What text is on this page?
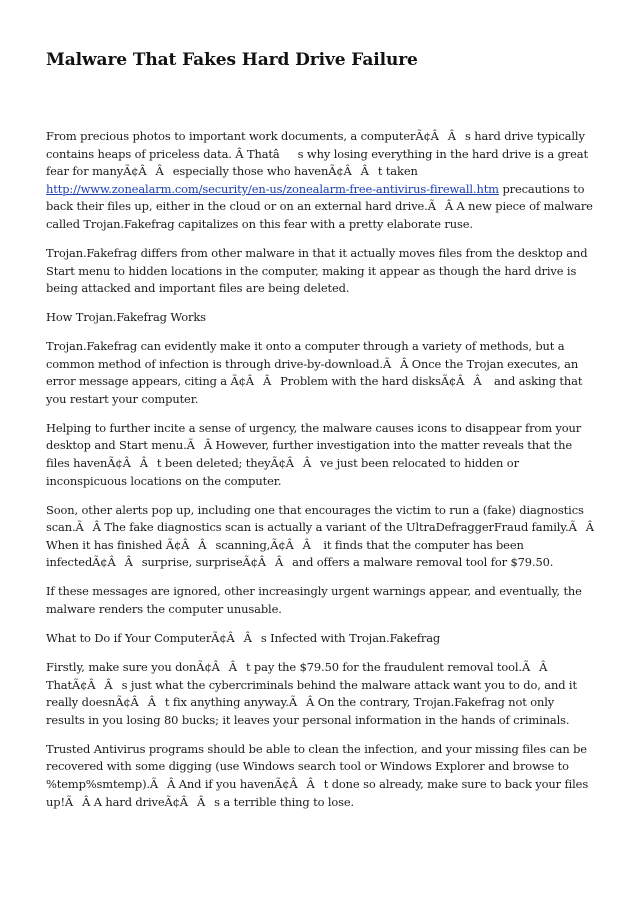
Malware That Fakes Hard Drive Failure

From precious photos to important work documents, a computerÃ¢ÂÂs hard drive typically contains heaps of priceless data. Â Thatâs why losing everything in the hard drive is a great fear for manyÃ¢ÂÂespecially those who havenÃ¢ÂÂt taken http://www.zonealarm.com/security/en-us/zonealarm-free-antivirus-firewall.htm precautions to back their files up, either in the cloud or on an external hard drive.ÃÂ A new piece of malware called Trojan.Fakefrag capitalizes on this fear with a pretty elaborate ruse.

Trojan.Fakefrag differs from other malware in that it actually moves files from the desktop and Start menu to hidden locations in the computer, making it appear as though the hard drive is being attacked and important files are being deleted.

How Trojan.Fakefrag Works

Trojan.Fakefrag can evidently make it onto a computer through a variety of methods, but a common method of infection is through drive-by-download.ÃÂ Once the Trojan executes, an error message appears, citing a Ã¢ÂÂProblem with the hard disksÃ¢ÂÂ and asking that you restart your computer.

Helping to further incite a sense of urgency, the malware causes icons to disappear from your desktop and Start menu.ÃÂ However, further investigation into the matter reveals that the files havenÃ¢ÂÂt been deleted; theyÃ¢ÂÂve just been relocated to hidden or inconspicuous locations on the computer.

Soon, other alerts pop up, including one that encourages the victim to run a (fake) diagnostics scan.ÃÂ The fake diagnostics scan is actually a variant of the UltraDefraggerFraud family.ÃÂ When it has finished Ã¢ÂÂscanning,Ã¢ÂÂ it finds that the computer has been infectedÃ¢ÂÂsurprise, surpriseÃ¢ÂÂand offers a malware removal tool for $79.50.

If these messages are ignored, other increasingly urgent warnings appear, and eventually, the malware renders the computer unusable.

What to Do if Your ComputerÃ¢ÂÂs Infected with Trojan.Fakefrag

Firstly, make sure you donÃ¢ÂÂt pay the $79.50 for the fraudulent removal tool.ÃÂ ThatÃ¢ÂÂs just what the cybercriminals behind the malware attack want you to do, and it really doesnÃ¢ÂÂt fix anything anyway.ÃÂ On the contrary, Trojan.Fakefrag not only results in you losing 80 bucks; it leaves your personal information in the hands of criminals.

Trusted Antivirus programs should be able to clean the infection, and your missing files can be recovered with some digging (use Windows search tool or Windows Explorer and browse to %temp%smtemp).ÃÂ And if you havenÃ¢ÂÂt done so already, make sure to back your files up!ÃÂ A hard driveÃ¢ÂÂs a terrible thing to lose.
